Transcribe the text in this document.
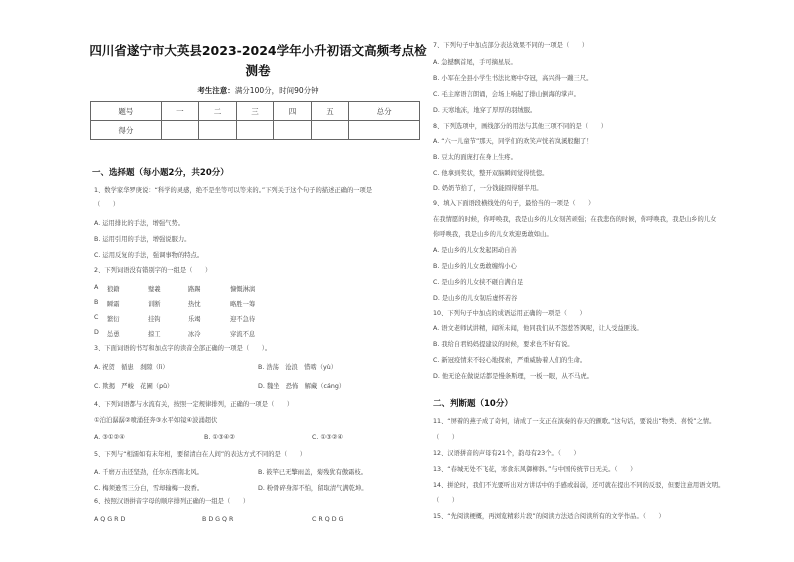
四川省遂宁市大英县2023-2024学年小升初语文高频考点检
测卷
考生注意：满分100分，时间90分钟
题号	一	二	三	四	五	总分
得分						
一、选择题（每小题2分，共20分）
1、数学家华罗庚说：“科学的灵感，绝不是坐等可以等来的。”下列关于这个句子的描述正确的一项是
（　　）
A. 运用排比的手法，增强气势。
B. 运用引用的手法，增强说服力。
C. 运用反复的手法，强调事物的特点。
2、下列词语没有错别字的一组是（　　）
A 狼籍	璧羲	路踢	慷慨淋漓
B 瞬霜	训断	热忱	略胜一筹
C 繁衍	挂钩	乐竭	迎不急待
D 怂恿	掠工	冰冷	穿流不息
3、下面词语的书写和加点字的读音全部正确的一项是（　　）。
A. 祝贺　循患　刹隙（lì）	B. 浩荡　沧浪　惜啮（yù）
C. 欺揭　严峻　花圃（pǔ）	D. 魏坐　恐怖　解藏（cáng）
4、下列词语都与水流有关，按照一定规律排列，正确的一项是（　　）
①泊泊潺潺②喷涌狂奔③水平如镜④波涌超伏
A. ③①②④	B. ①③④②	C. ①③②④
5、下列与“相濡如有末年相，要留清白在人间”的表达方式不同的是（　　）
A. 千磨万击还坚劲，任尔东西南北风。	B. 筱竿已无擎雨盖，菊残犹有傲霜枝。
C. 梅须逊雪三分白，雪却输梅一段香。	D. 粉骨碎身浑不怕，留取清气满乾坤。
6、按照汉语拼音字母的顺序排列正确的一组是（　　）
A Q G R D	B D G Q R	C R Q D G
7、下列句子中加点部分表达效果不同的一项是（　　）
A. 急撼飘首尾，手可摘星辰。
B. 小军在全县小学生书法比赛中夺冠，高兴得一蹦三尺。
C. 毛主席语言朗诵，会场上响起了排山倒海的掌声。
D. 天寒地冻，地穿了厚厚的羽绒服。
8、下列选项中，画线部分的用法与其他三项不同的是（　　）
A. “六一儿童节”那天，同学们的欢笑声恍若岚溪般翻了！
B. 豆太的面庞打在身上生疼。
C. 他拿到奖状，整开双脑瞬间觉得恍惚。
D. 奶奶节拾了，一分钱能圆得掰半用。
9、填入下面语段横线处的句子，最恰当的一项是（　　）
在我情愿的时候，你呼唤我，我是山乡的儿女刻苦顽强；在我悲伤的时候，你呼唤我，我是山乡的儿女
你呼唤我，我是山乡的儿女欢迎勇敢如山。
A. 是山乡的儿女发起困动自善
B. 是山乡的儿女勇敢缠绵小心
C. 是山乡的儿女挟不砸自满自足
D. 是山乡的儿女韧后虚怀若谷
10、下列句子中加点的成语运用正确的一项是（　　）
A. 语文老师试讲精，闻所未闻，他同我们从不怨惹答讽呢，让人受益匪浅。
B. 我给自君妈妈提建议的时候，要求也不好有说。
C. 新冠疫情来不轻心地探索，严重威胁着人们的生命。
D. 他无论在做说话都是慢条斯理，一板一眼，从不马虎。
二、判断题（10分）
11、“屏着的燕子成了奇何，请成了一支正在演奏的春天的颤歌。”这句话，要说出“物类、喜悦”之情。
（　　）
12、汉语拼音的声母有21个，韵母有23个。（　　）
13、“春城无处不飞花，寒食东风御柳斜。”与中国传统节日无关。（　　）
14、拼论时，我们不光要听出对方讲话中的手感或弱弱，还可就在提出不同的反驳，但要注意用语文明。
（　　）
15、“先阅读梗概，再浏览精彩片段”的阅读方法适合阅读所有的文学作品。（　　）
